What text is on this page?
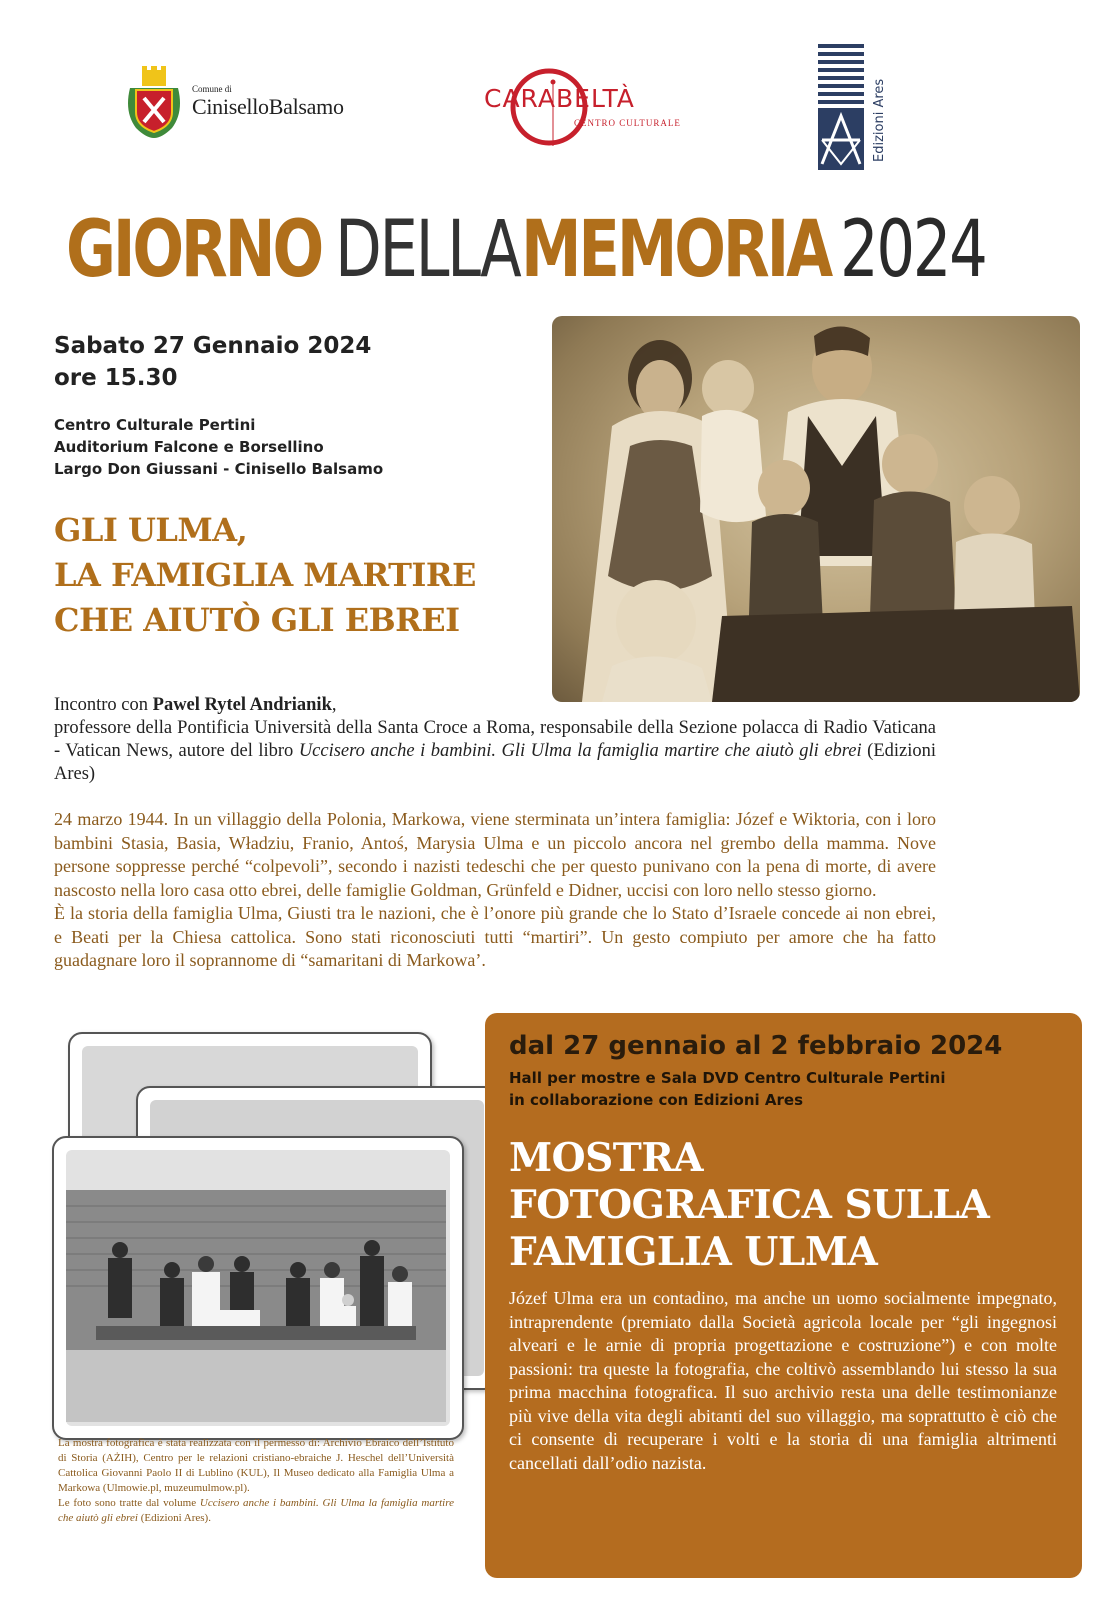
Comune di
CiniselloBalsamo	CARABELTÀ
CENTRO CULTURALE	Edizioni Ares
GIORNO DELLAMEMORIA 2024
Sabato 27 Gennaio 2024
ore 15.30
Centro Culturale Pertini
Auditorium Falcone e Borsellino
Largo Don Giussani - Cinisello Balsamo
GLI ULMA,
LA FAMIGLIA MARTIRE
CHE AIUTÒ GLI EBREI
Incontro con Pawel Rytel Andrianik,
professore della Pontificia Università della Santa Croce a Roma, responsabile della Sezione polacca di Radio Vaticana - Vatican News, autore del libro Uccisero anche i bambini. Gli Ulma la famiglia martire che aiutò gli ebrei (Edizioni Ares)
24 marzo 1944. In un villaggio della Polonia, Markowa, viene sterminata un’intera famiglia: Józef e Wiktoria, con i loro bambini Stasia, Basia, Władziu, Franio, Antoś, Marysia Ulma e un piccolo ancora nel grembo della mamma. Nove persone soppresse perché “colpevoli”, secondo i nazisti tedeschi che per questo punivano con la pena di morte, di avere nascosto nella loro casa otto ebrei, delle famiglie Goldman, Grünfeld e Didner, uccisi con loro nello stesso giorno.
È la storia della famiglia Ulma, Giusti tra le nazioni, che è l’onore più grande che lo Stato d’Israele concede ai non ebrei, e Beati per la Chiesa cattolica. Sono stati riconosciuti tutti “martiri”. Un gesto compiuto per amore che ha fatto guadagnare loro il soprannome di “samaritani di Markowa’.
La mostra fotografica è stata realizzata con il permesso di: Archivio Ebraico dell’Istituto di Storia (AŻIH), Centro per le relazioni cristiano-ebraiche J. Heschel dell’Università Cattolica Giovanni Paolo II di Lublino (KUL), Il Museo dedicato alla Famiglia Ulma a Markowa (Ulmowie.pl, muzeumulmow.pl).
Le foto sono tratte dal volume Uccisero anche i bambini. Gli Ulma la famiglia martire che aiutò gli ebrei (Edizioni Ares).
dal 27 gennaio al 2 febbraio 2024
Hall per mostre e Sala DVD Centro Culturale Pertini
in collaborazione con Edizioni Ares
MOSTRA
FOTOGRAFICA SULLA
FAMIGLIA ULMA
Józef Ulma era un contadino, ma anche un uomo socialmente impegnato, intraprendente (premiato dalla Società agricola locale per “gli ingegnosi alveari e le arnie di propria progettazione e costruzione”) e con molte passioni: tra queste la fotografia, che coltivò assemblando lui stesso la sua prima macchina fotografica. Il suo archivio resta una delle testimonianze più vive della vita degli abitanti del suo villaggio, ma soprattutto è ciò che ci consente di recuperare i volti e la storia di una famiglia altrimenti cancellati dall’odio nazista.
